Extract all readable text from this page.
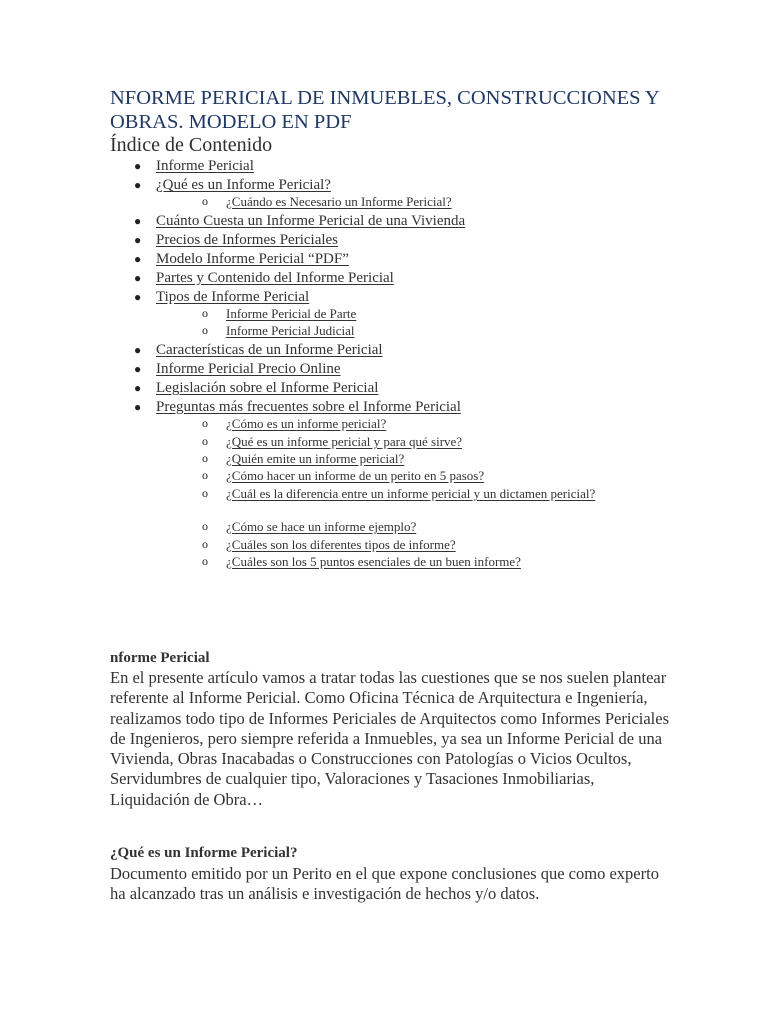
NFORME PERICIAL DE INMUEBLES, CONSTRUCCIONES Y OBRAS. MODELO EN PDF
Índice de Contenido
● Informe Pericial
● ¿Qué es un Informe Pericial?
o ¿Cuándo es Necesario un Informe Pericial?
● Cuánto Cuesta un Informe Pericial de una Vivienda
● Precios de Informes Periciales
● Modelo Informe Pericial “PDF”
● Partes y Contenido del Informe Pericial
● Tipos de Informe Pericial
o Informe Pericial de Parte
o Informe Pericial Judicial
● Características de un Informe Pericial
● Informe Pericial Precio Online
● Legislación sobre el Informe Pericial
● Preguntas más frecuentes sobre el Informe Pericial
o ¿Cómo es un informe pericial?
o ¿Qué es un informe pericial y para qué sirve?
o ¿Quién emite un informe pericial?
o ¿Cómo hacer un informe de un perito en 5 pasos?
o ¿Cuál es la diferencia entre un informe pericial y un dictamen pericial?
o ¿Cómo se hace un informe ejemplo?
o ¿Cuáles son los diferentes tipos de informe?
o ¿Cuáles son los 5 puntos esenciales de un buen informe?
nforme Pericial

En el presente artículo vamos a tratar todas las cuestiones que se nos suelen plantear referente al Informe Pericial. Como Oficina Técnica de Arquitectura e Ingeniería, realizamos todo tipo de Informes Periciales de Arquitectos como Informes Periciales de Ingenieros, pero siempre referida a Inmuebles, ya sea un Informe Pericial de una Vivienda, Obras Inacabadas o Construcciones con Patologías o Vicios Ocultos, Servidumbres de cualquier tipo, Valoraciones y Tasaciones Inmobiliarias, Liquidación de Obra…

¿Qué es un Informe Pericial?

Documento emitido por un Perito en el que expone conclusiones que como experto ha alcanzado tras un análisis e investigación de hechos y/o datos.
